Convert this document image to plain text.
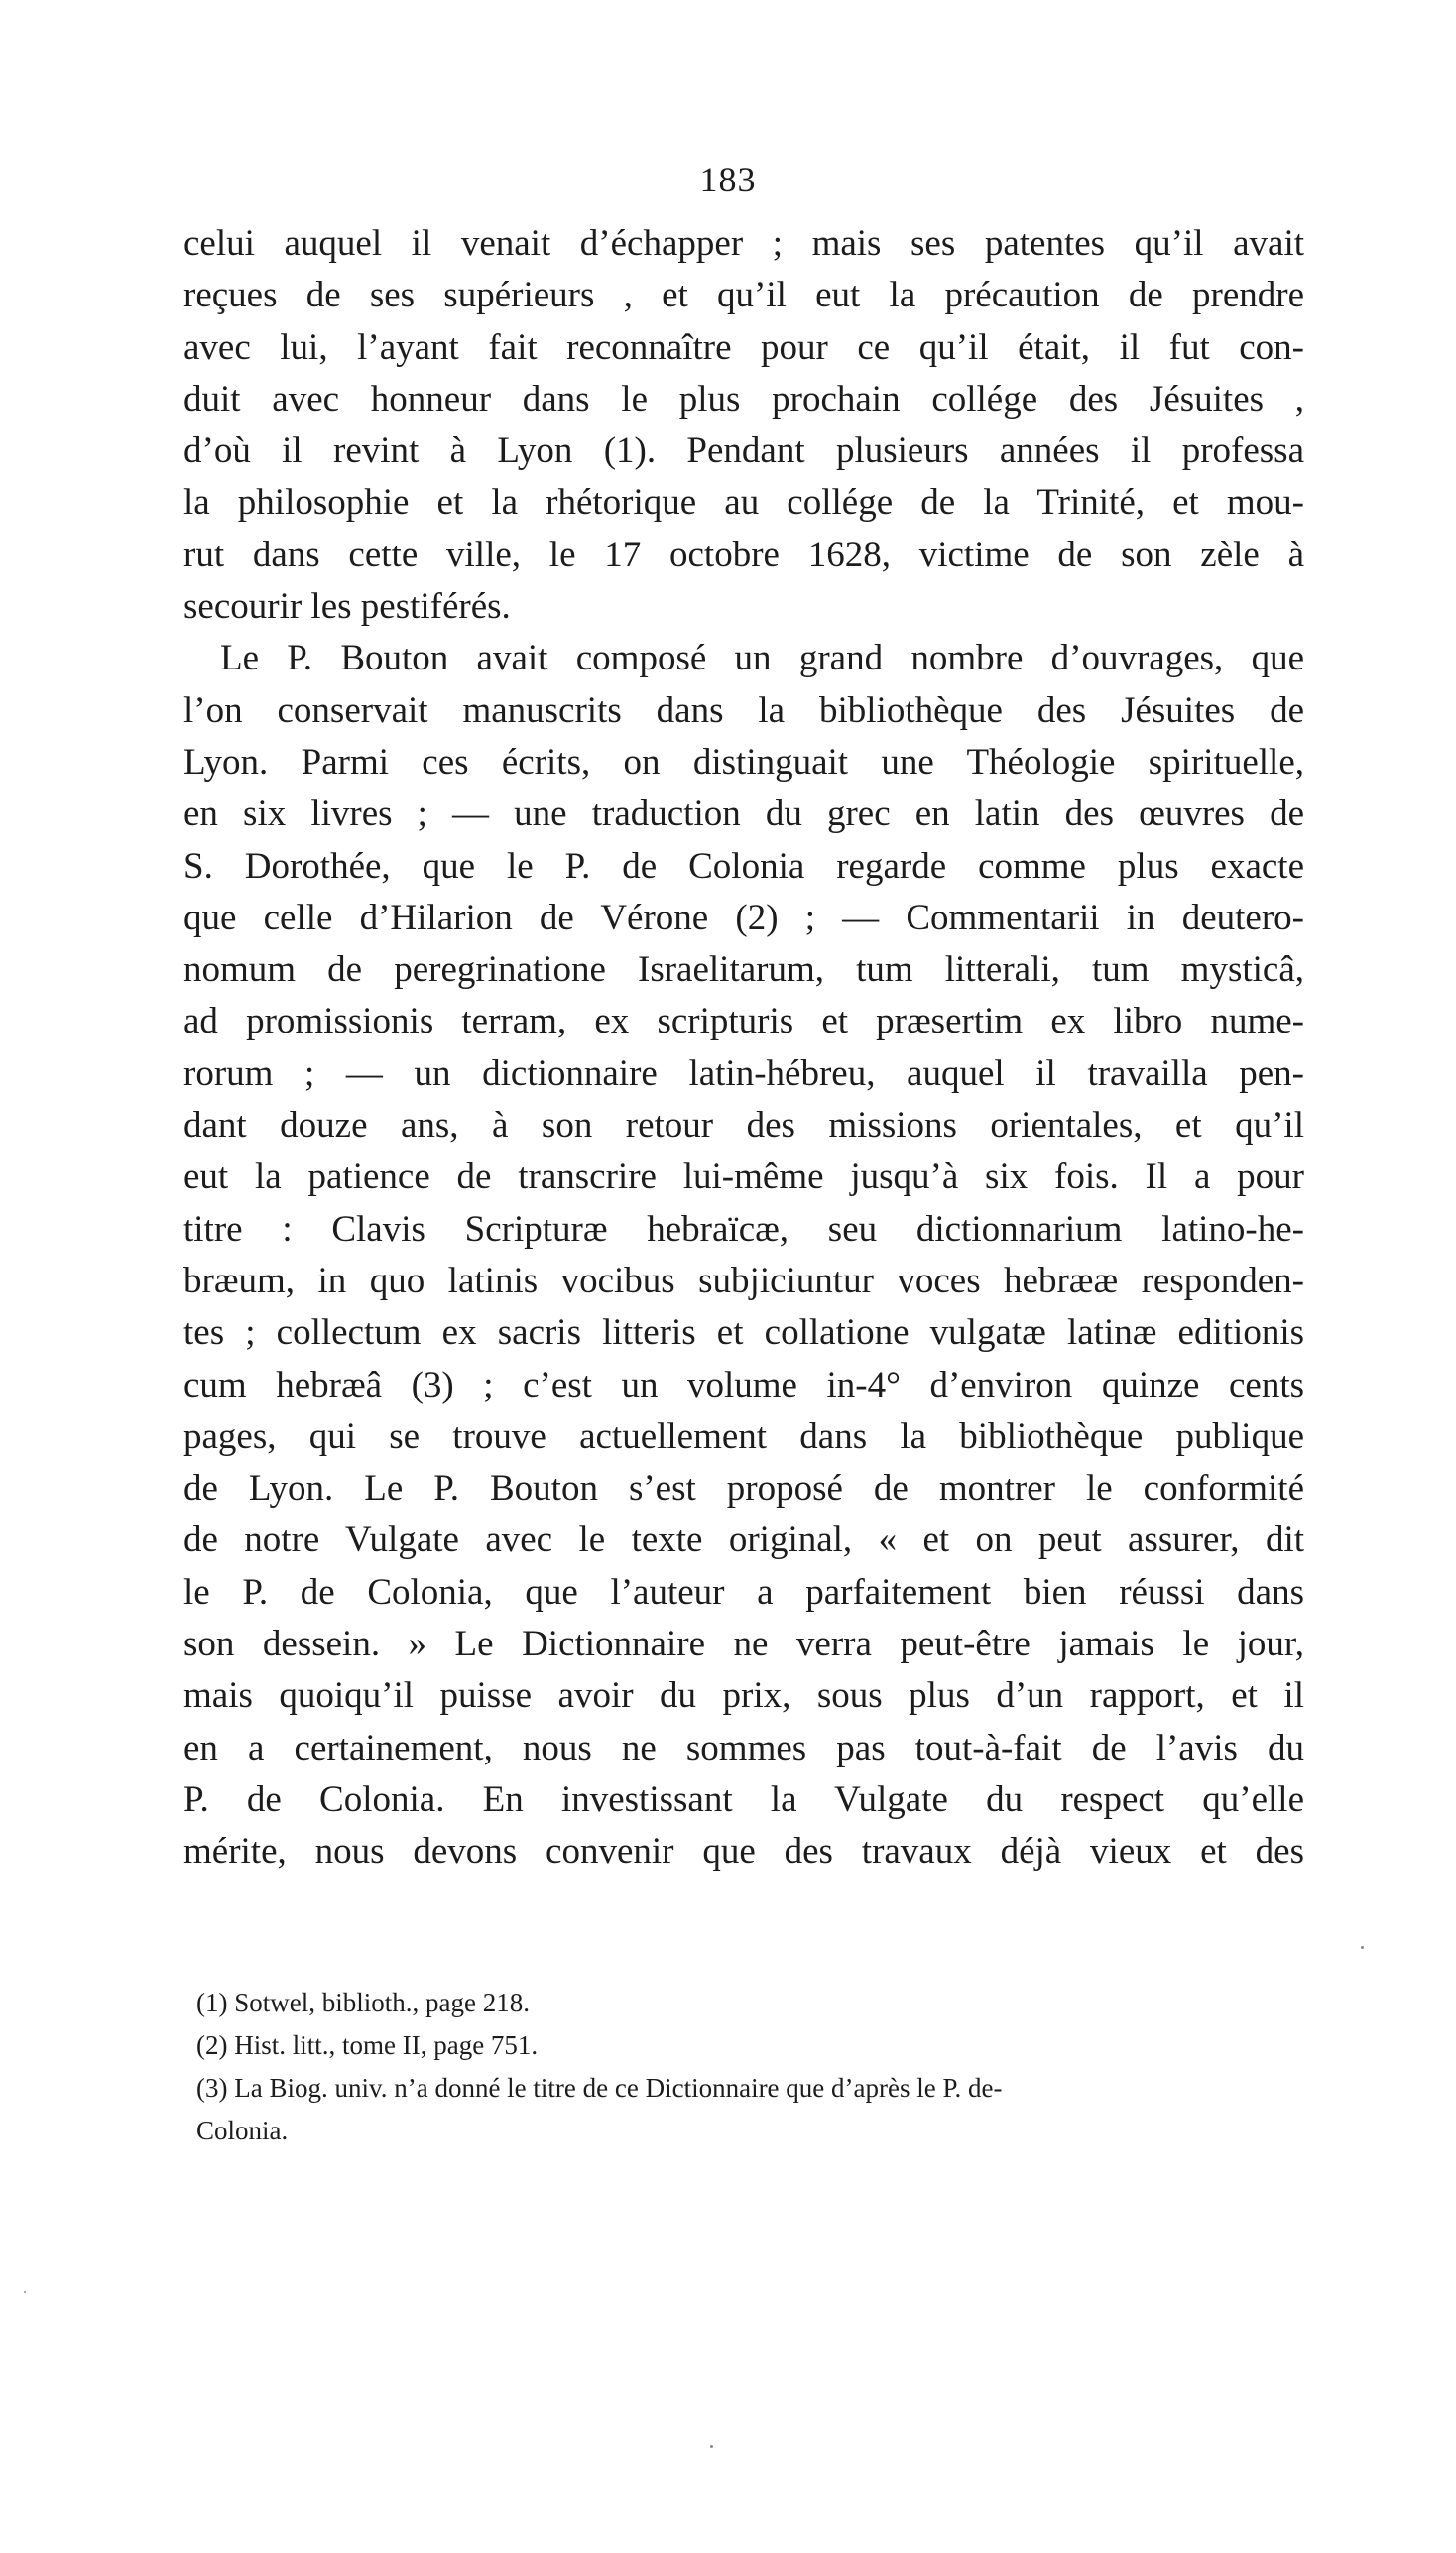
183
celui auquel il venait d’échapper ; mais ses patentes qu’il avait
reçues de ses supérieurs , et qu’il eut la précaution de prendre
avec lui, l’ayant fait reconnaître pour ce qu’il était, il fut con-
duit avec honneur dans le plus prochain collége des Jésuites ,
d’où il revint à Lyon (1). Pendant plusieurs années il professa
la philosophie et la rhétorique au collége de la Trinité, et mou-
rut dans cette ville, le 17 octobre 1628, victime de son zèle à
secourir les pestiférés.
Le P. Bouton avait composé un grand nombre d’ouvrages, que
l’on conservait manuscrits dans la bibliothèque des Jésuites de
Lyon. Parmi ces écrits, on distinguait une Théologie spirituelle,
en six livres ; — une traduction du grec en latin des œuvres de
S. Dorothée, que le P. de Colonia regarde comme plus exacte
que celle d’Hilarion de Vérone (2) ; — Commentarii in deutero-
nomum de peregrinatione Israelitarum, tum litterali, tum mysticâ,
ad promissionis terram, ex scripturis et præsertim ex libro nume-
rorum ; — un dictionnaire latin-hébreu, auquel il travailla pen-
dant douze ans, à son retour des missions orientales, et qu’il
eut la patience de transcrire lui-même jusqu’à six fois. Il a pour
titre : Clavis Scripturæ hebraïcæ, seu dictionnarium latino-he-
bræum, in quo latinis vocibus subjiciuntur voces hebrææ responden-
tes ; collectum ex sacris litteris et collatione vulgatæ latinæ editionis
cum hebræâ (3) ; c’est un volume in-4° d’environ quinze cents
pages, qui se trouve actuellement dans la bibliothèque publique
de Lyon. Le P. Bouton s’est proposé de montrer le conformité
de notre Vulgate avec le texte original, « et on peut assurer, dit
le P. de Colonia, que l’auteur a parfaitement bien réussi dans
son dessein. » Le Dictionnaire ne verra peut-être jamais le jour,
mais quoiqu’il puisse avoir du prix, sous plus d’un rapport, et il
en a certainement, nous ne sommes pas tout-à-fait de l’avis du
P. de Colonia. En investissant la Vulgate du respect qu’elle
mérite, nous devons convenir que des travaux déjà vieux et des
(1) Sotwel, biblioth., page 218.
(2) Hist. litt., tome II, page 751.
(3) La Biog. univ. n’a donné le titre de ce Dictionnaire que d’après le P. de-
Colonia.
